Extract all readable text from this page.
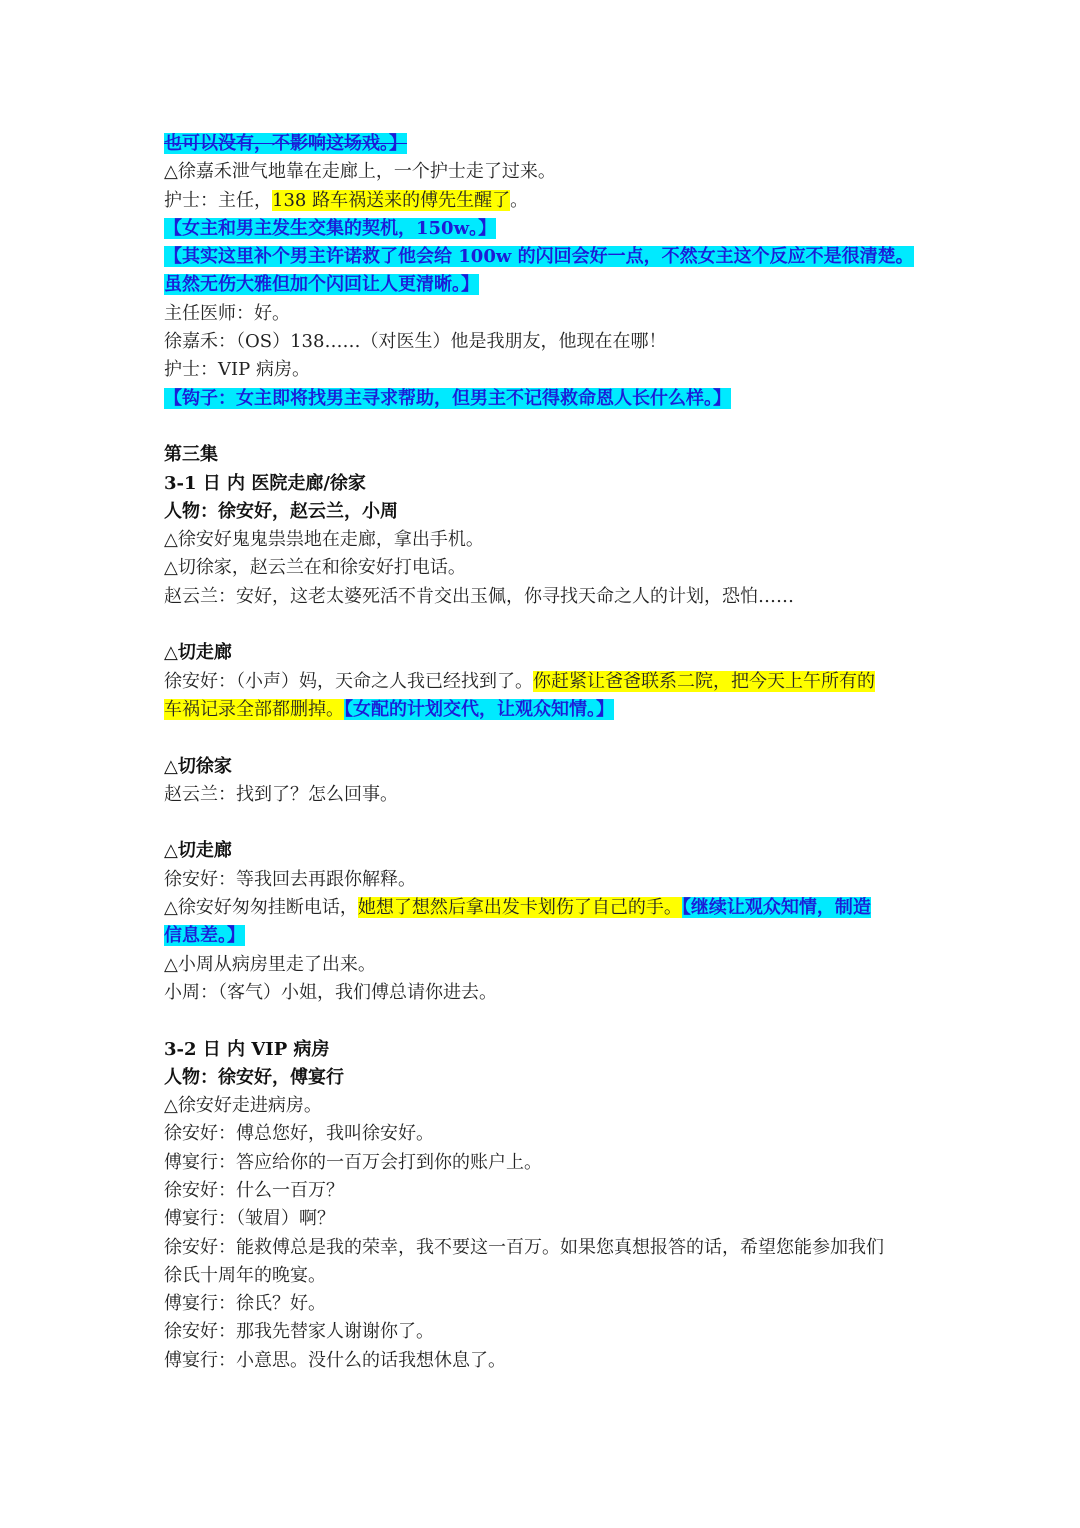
也可以没有，不影响这场戏。】
△徐嘉禾泄气地靠在走廊上，一个护士走了过来。
护士：主任，138 路车祸送来的傅先生醒了。
【女主和男主发生交集的契机，150w。】
【其实这里补个男主许诺救了他会给 100w 的闪回会好一点，不然女主这个反应不是很清楚。
虽然无伤大雅但加个闪回让人更清晰。】
主任医师：好。
徐嘉禾：（OS）138……（对医生）他是我朋友，他现在在哪！
护士：VIP 病房。
【钩子：女主即将找男主寻求帮助，但男主不记得救命恩人长什么样。】
第三集
3-1 日 内 医院走廊/徐家
人物：徐安好，赵云兰，小周
△徐安好鬼鬼祟祟地在走廊，拿出手机。
△切徐家，赵云兰在和徐安好打电话。
赵云兰：安好，这老太婆死活不肯交出玉佩，你寻找天命之人的计划，恐怕……
△切走廊
徐安好：（小声）妈，天命之人我已经找到了。你赶紧让爸爸联系二院，把今天上午所有的
车祸记录全部都删掉。【女配的计划交代，让观众知情。】
△切徐家
赵云兰：找到了？怎么回事。
△切走廊
徐安好：等我回去再跟你解释。
△徐安好匆匆挂断电话，她想了想然后拿出发卡划伤了自己的手。【继续让观众知情，制造
信息差。】
△小周从病房里走了出来。
小周：（客气）小姐，我们傅总请你进去。
3-2 日 内 VIP 病房
人物：徐安好，傅宴行
△徐安好走进病房。
徐安好：傅总您好，我叫徐安好。
傅宴行：答应给你的一百万会打到你的账户上。
徐安好：什么一百万？
傅宴行：（皱眉）啊？
徐安好：能救傅总是我的荣幸，我不要这一百万。如果您真想报答的话，希望您能参加我们
徐氏十周年的晚宴。
傅宴行：徐氏？好。
徐安好：那我先替家人谢谢你了。
傅宴行：小意思。没什么的话我想休息了。
